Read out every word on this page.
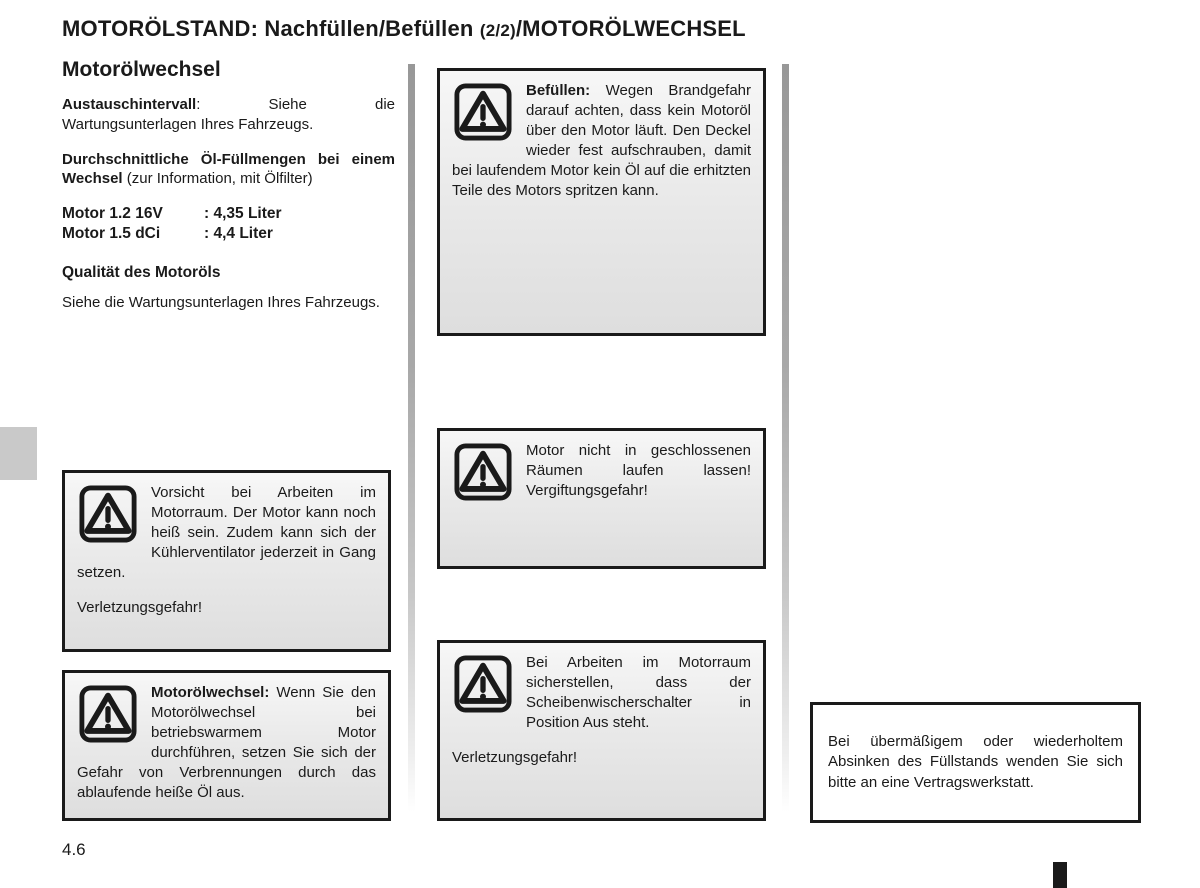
MOTORÖLSTAND: Nachfüllen/Befüllen (2/2)/MOTORÖLWECHSEL
Motorölwechsel

Austauschintervall: Siehe die Wartungsunterlagen Ihres Fahrzeugs.

Durchschnittliche Öl-Füllmengen bei einem Wechsel (zur Information, mit Ölfilter)

Motor 1.2 16V	: 4,35 Liter
Motor 1.5 dCi	: 4,4 Liter
Qualität des Motoröls

Siehe die Wartungsunterlagen Ihres Fahrzeugs.

Befüllen: Wegen Brandgefahr darauf achten, dass kein Motoröl über den Motor läuft. Den Deckel wieder fest aufschrauben, damit bei laufendem Motor kein Öl auf die erhitzten Teile des Motors spritzen kann.

Motor nicht in geschlossenen Räumen laufen lassen! Vergiftungsgefahr!

Bei Arbeiten im Motorraum sicherstellen, dass der Scheibenwischerschalter in Position Aus steht.

Verletzungsgefahr!

Vorsicht bei Arbeiten im Motorraum. Der Motor kann noch heiß sein. Zudem kann sich der Kühlerventilator jederzeit in Gang setzen.

Verletzungsgefahr!

Motorölwechsel: Wenn Sie den Motorölwechsel bei betriebswarmem Motor durchführen, setzen Sie sich der Gefahr von Verbrennungen durch das ablaufende heiße Öl aus.

Bei übermäßigem oder wiederholtem Absinken des Füllstands wenden Sie sich bitte an eine Vertragswerkstatt.

4.6
